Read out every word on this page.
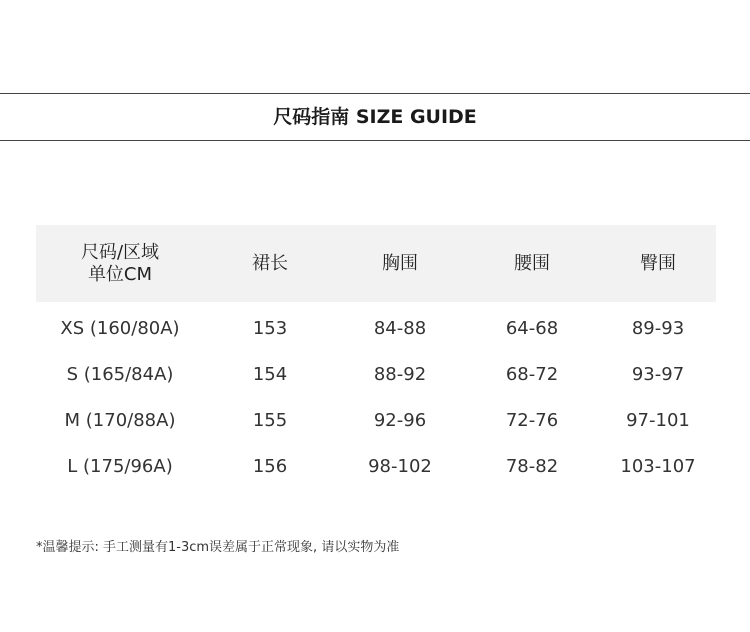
尺码指南 SIZE GUIDE
尺码/区域
单位CM
裙长	胸围	腰围	臀围
XS (160/80A)	153	84-88	64-68	89-93
S (165/84A)	154	88-92	68-72	93-97
M (170/88A)	155	92-96	72-76	97-101
L (175/96A)	156	98-102	78-82	103-107
*温馨提示: 手工测量有1-3cm误差属于正常现象, 请以实物为准
